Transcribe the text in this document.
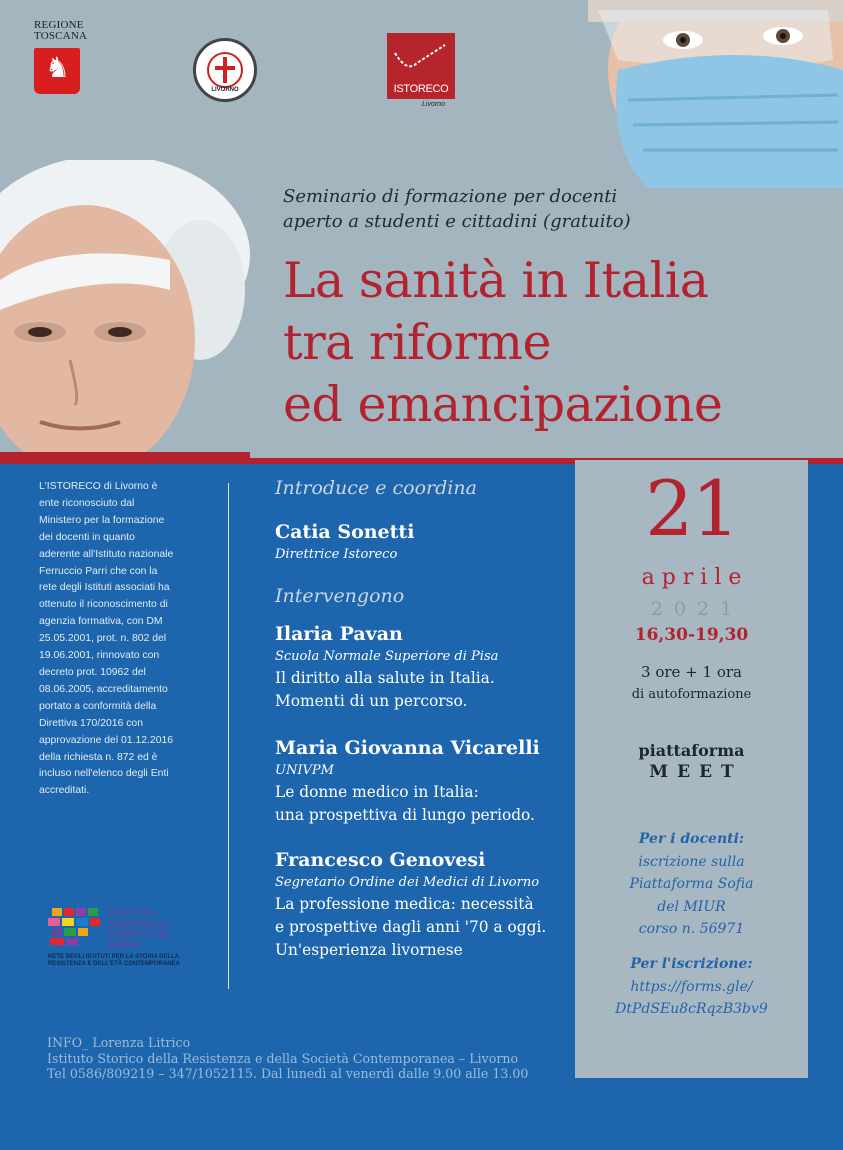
REGIONE
TOSCANA
♞
LIVORNO	ISTORECO
Livorno
Seminario di formazione per docenti
aperto a studenti e cittadini (gratuito)
La sanità in Italia
tra riforme
ed emancipazione
L'ISTORECO di Livorno è
ente riconosciuto dal
Ministero per la formazione
dei docenti in quanto
aderente all'Istituto nazionale
Ferruccio Parri che con la
rete degli Istituti associati ha
ottenuto il riconoscimento di
agenzia formativa, con DM
25.05.2001, prot. n. 802 del
19.06.2001, rinnovato con
decreto prot. 10962 del
08.06.2005, accreditamento
portato a conformità della
Direttiva 170/2016 con
approvazione del 01.12.2016
della richiesta n. 872 ed è
incluso nell'elenco degli Enti
accreditati.
ISTITUTO
NAZIONALE
FERRUCCIO
PARRI
RETE DEGLI ISTITUTI PER LA STORIA DELLA RESISTENZA E DELL'ETÀ CONTEMPORANEA
Introduce e coordina
Catia Sonetti
Direttrice Istoreco
Intervengono
Ilaria Pavan
Scuola Normale Superiore di Pisa
Il diritto alla salute in Italia.
Momenti di un percorso.
Maria Giovanna Vicarelli
UNIVPM
Le donne medico in Italia:
una prospettiva di lungo periodo.
Francesco Genovesi
Segretario Ordine dei Medici di Livorno
La professione medica: necessità
e prospettive dagli anni '70 a oggi.
Un'esperienza livornese
21
aprile
2021
16,30-19,30
3 ore + 1 ora
di autoformazione
piattaforma
MEET
Per i docenti:
iscrizione sulla
Piattaforma Sofia
del MIUR
corso n. 56971
Per l'iscrizione:
https://forms.gle/
DtPdSEu8cRqzB3bv9
INFO_ Lorenza Litrico
Istituto Storico della Resistenza e della Società Contemporanea – Livorno
Tel 0586/809219 – 347/1052115. Dal lunedì al venerdì dalle 9.00 alle 13.00
